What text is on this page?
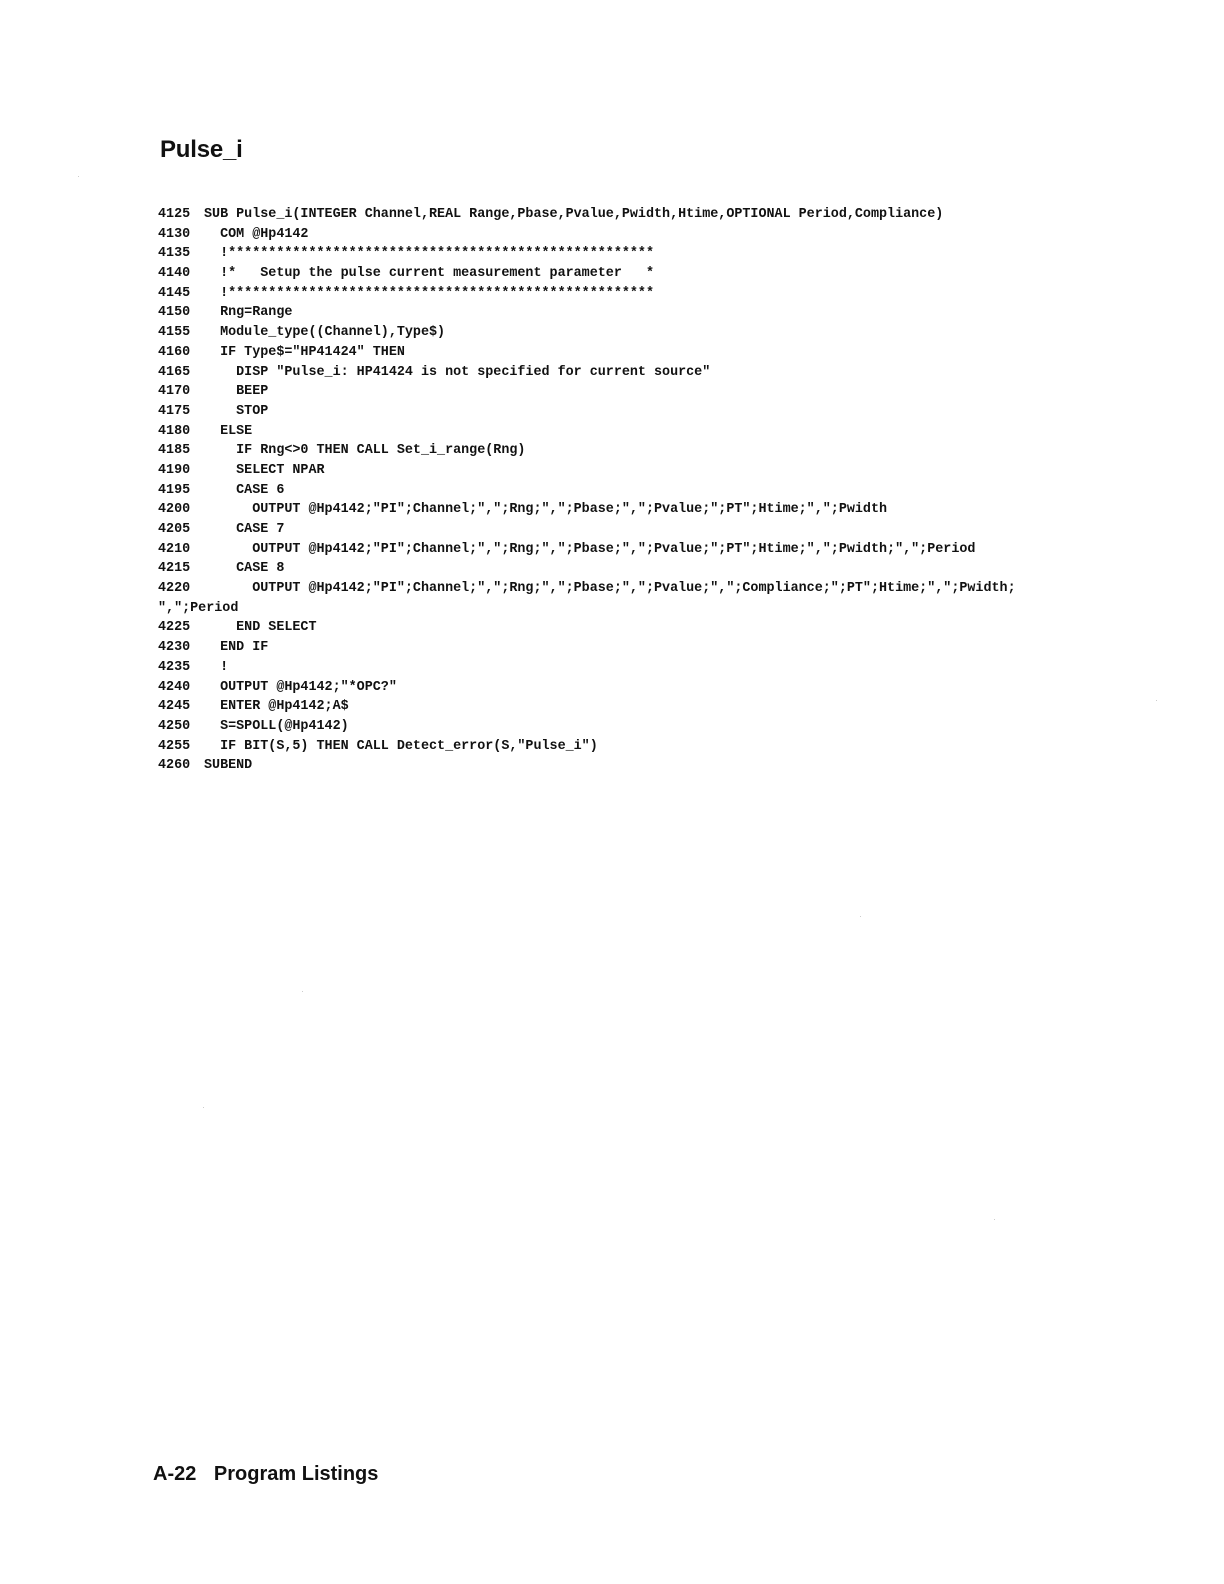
Pulse_i
4125 SUB Pulse_i(INTEGER Channel,REAL Range,Pbase,Pvalue,Pwidth,Htime,OPTIONAL Period,Compliance)
4130  COM @Hp4142
4135  !*****************************************************
4140  !*   Setup the pulse current measurement parameter   *
4145  !*****************************************************
4150  Rng=Range
4155  Module_type((Channel),Type$)
4160  IF Type$="HP41424" THEN
4165    DISP "Pulse_i: HP41424 is not specified for current source"
4170    BEEP
4175    STOP
4180  ELSE
4185    IF Rng<>0 THEN CALL Set_i_range(Rng)
4190    SELECT NPAR
4195    CASE 6
4200      OUTPUT @Hp4142;"PI";Channel;",";Rng;",";Pbase;",";Pvalue;";PT";Htime;",";Pwidth
4205    CASE 7
4210      OUTPUT @Hp4142;"PI";Channel;",";Rng;",";Pbase;",";Pvalue;";PT";Htime;",";Pwidth;",";Period
4215    CASE 8
4220      OUTPUT @Hp4142;"PI";Channel;",";Rng;",";Pbase;",";Pvalue;",";Compliance;";PT";Htime;",";Pwidth;
",";Period
4225    END SELECT
4230  END IF
4235  !
4240  OUTPUT @Hp4142;"*OPC?"
4245  ENTER @Hp4142;A$
4250  S=SPOLL(@Hp4142)
4255  IF BIT(S,5) THEN CALL Detect_error(S,"Pulse_i")
4260 SUBEND
A-22 Program Listings
